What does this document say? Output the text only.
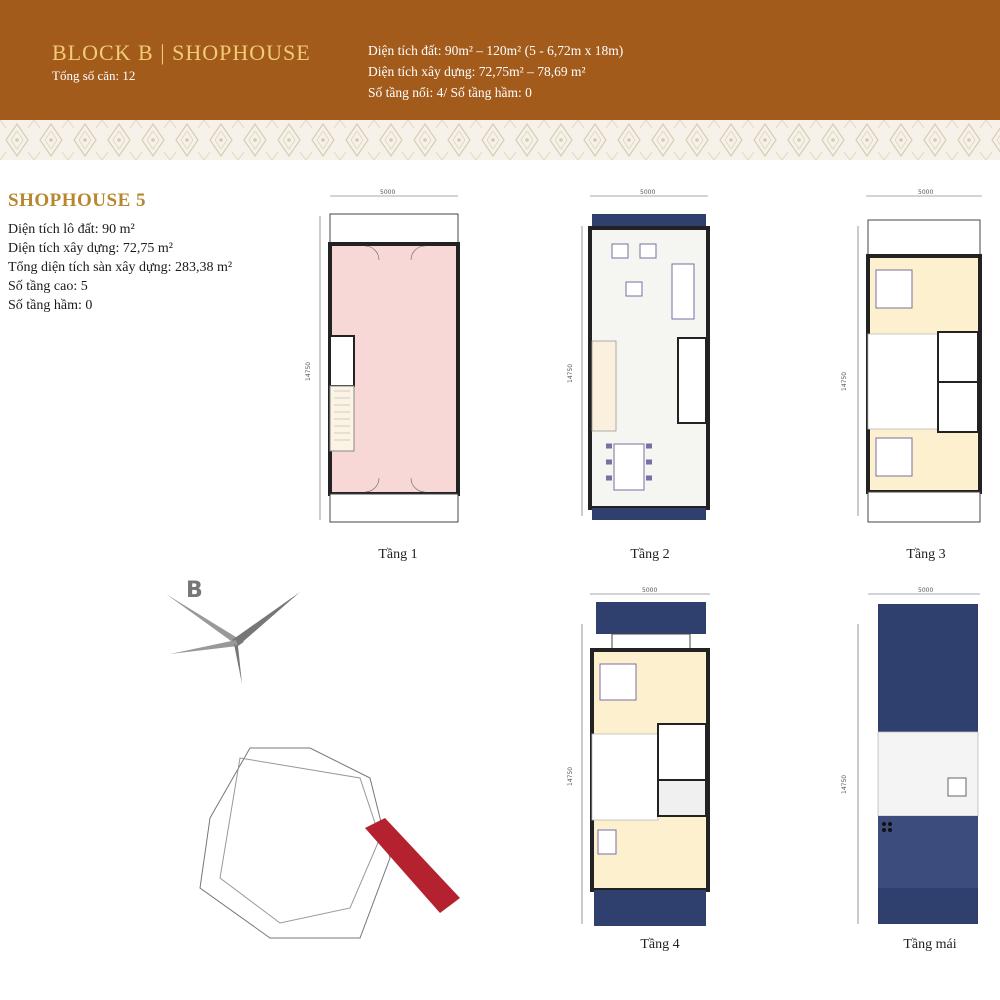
BLOCK B | SHOPHOUSE
Tổng số căn: 12
Diện tích đất: 90m² – 120m² (5 - 6,72m x 18m)
Diện tích xây dựng: 72,75m² – 78,69 m²
Số tầng nổi: 4/ Số tầng hầm: 0
SHOPHOUSE 5
Diện tích lô đất: 90 m²
Diện tích xây dựng: 72,75 m²
Tổng diện tích sàn xây dựng: 283,38 m²
Số tầng cao: 5
Số tầng hầm: 0
5000
14750
Tầng 1
5000
14750
Tầng 2
5000
14750
Tầng 3
5000
14750
Tầng 4
5000
14750
Tầng mái
B
